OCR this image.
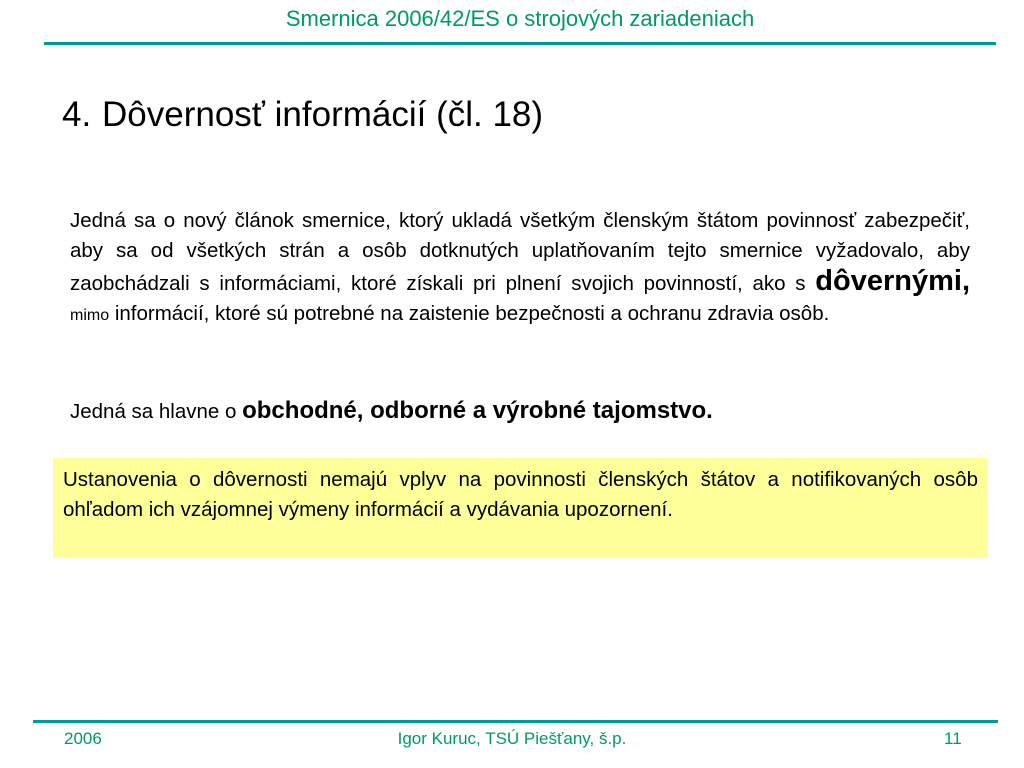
Smernica 2006/42/ES o strojových zariadeniach
4. Dôvernosť informácií (čl. 18)
Jedná sa o nový článok smernice, ktorý ukladá všetkým členským štátom povinnosť zabezpečiť, aby sa od všetkých strán a osôb dotknutých uplatňovaním tejto smernice vyžadovalo, aby zaobchádzali s informáciami, ktoré získali pri plnení svojich povinností, ako s dôvernými, mimo informácií, ktoré sú potrebné na zaistenie bezpečnosti a ochranu zdravia osôb.
Jedná sa hlavne o obchodné, odborné a výrobné tajomstvo.
Ustanovenia o dôvernosti nemajú vplyv na povinnosti členských štátov a notifikovaných osôb ohľadom ich vzájomnej výmeny informácií a vydávania upozornení.
2006	Igor Kuruc, TSÚ Piešťany, š.p.	11
